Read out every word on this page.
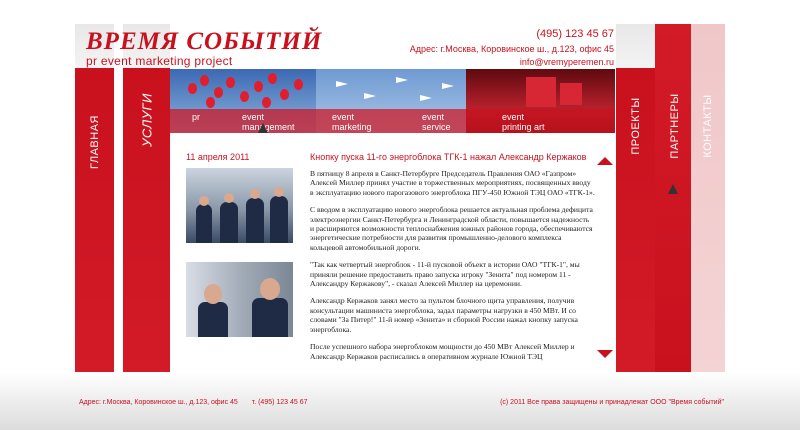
ГЛАВНАЯ	УСЛУГИ	ПРОЕКТЫ ПАРТНЕРЫ КОНТАКТЫ
ВРЕМЯ СОБЫТИЙ
pr event marketing project
(495) 123 45 67
Адрес: г.Москва, Коровинское ш., д.123, офис 45
info@vremyperemen.ru
pr	event
management
event
marketing
event
service
event
printing art
11 апреля 2011	Кнопку пуска 11-го энергоблока ТГК-1 нажал Александр Кержаков

В пятницу 8 апреля в Санкт-Петербурге Председатель Правления ОАО «Газпром» Алексей Миллер принял участие в торжественных мероприятиях, посвященных вводу в эксплуатацию нового парогазового энергоблока ПГУ-450 Южной ТЭЦ ОАО «ТГК-1».

С вводом в эксплуатацию нового энергоблока решается актуальная проблема дефицита электроэнергии Санкт-Петербурга и Ленинградской области, повышается надежность и расширяются возможности теплоснабжения южных районов города, обеспечиваются энергетические потребности для развития промышленно-делового комплекса кольцевой автомобильной дороги.

"Так как четвертый энергоблок - 11-й пусковой объект в истории ОАО "ТГК-1", мы приняли решение предоставить право запуска игроку "Зенита" под номером 11 - Александру Кержакову", - сказал Алексей Миллер на церемонии.

Александр Кержаков занял место за пультом блочного щита управления, получив консультации машиниста энергоблока, задал параметры нагрузки в 450 МВт. И со словами "За Питер!" 11-й номер «Зенита» и сборной России нажал кнопку запуска энергоблока.

После успешного набора энергоблоком мощности до 450 МВт Алексей Миллер и Александр Кержаков расписались в оперативном журнале Южной ТЭЦ

Адрес: г.Москва, Коровинское ш., д.123, офис 45 т. (495) 123 45 67	(c) 2011 Все права защищены и принадлежат ООО "Время событий"
